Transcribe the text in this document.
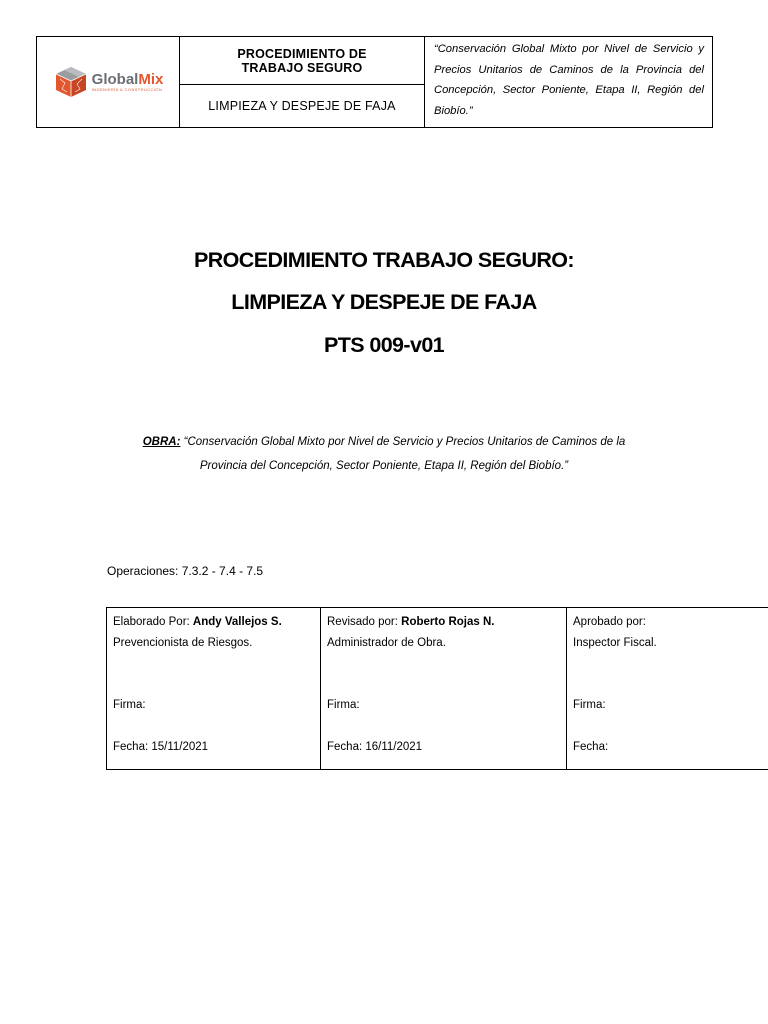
GlobalMix
INGENIERÍA & CONSTRUCCIÓN
PROCEDIMIENTO DE TRABAJO SEGURO
LIMPIEZA Y DESPEJE DE FAJA
“Conservación Global Mixto por Nivel de Servicio y Precios Unitarios de Caminos de la Provincia del Concepción, Sector Poniente, Etapa II, Región del Biobío.”
PROCEDIMIENTO TRABAJO SEGURO:
LIMPIEZA Y DESPEJE DE FAJA
PTS 009-v01
OBRA: “Conservación Global Mixto por Nivel de Servicio y Precios Unitarios de Caminos de la
Provincia del Concepción, Sector Poniente, Etapa II, Región del Biobío.”
Operaciones: 7.3.2 - 7.4 - 7.5
Elaborado Por: Andy Vallejos S.
Prevencionista de Riesgos.
Firma:
Fecha: 15/11/2021
Revisado por: Roberto Rojas N.
Administrador de Obra.
Firma:
Fecha: 16/11/2021
Aprobado por:
Inspector Fiscal.
Firma:
Fecha:
